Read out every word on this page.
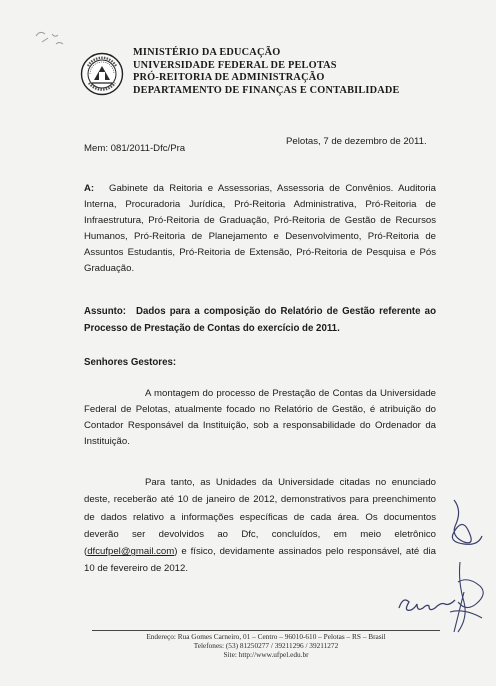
MINISTÉRIO DA EDUCAÇÃO
UNIVERSIDADE FEDERAL DE PELOTAS
PRÓ-REITORIA DE ADMINISTRAÇÃO
DEPARTAMENTO DE FINANÇAS E CONTABILIDADE
Mem: 081/2011-Dfc/Pra
Pelotas, 7 de dezembro de 2011.
A: Gabinete da Reitoria e Assessorias, Assessoria de Convênios. Auditoria Interna, Procuradoria Jurídica, Pró-Reitoria Administrativa, Pró-Reitoria de Infraestrutura, Pró-Reitoria de Graduação, Pró-Reitoria de Gestão de Recursos Humanos, Pró-Reitoria de Planejamento e Desenvolvimento, Pró-Reitoria de Assuntos Estudantis, Pró-Reitoria de Extensão, Pró-Reitoria de Pesquisa e Pós Graduação.
Assunto: Dados para a composição do Relatório de Gestão referente ao Processo de Prestação de Contas do exercício de 2011.
Senhores Gestores:
A montagem do processo de Prestação de Contas da Universidade Federal de Pelotas, atualmente focado no Relatório de Gestão, é atribuição do Contador Responsável da Instituição, sob a responsabilidade do Ordenador da Instituição.
Para tanto, as Unidades da Universidade citadas no enunciado deste, receberão até 10 de janeiro de 2012, demonstrativos para preenchimento de dados relativo a informações específicas de cada área. Os documentos deverão ser devolvidos ao Dfc, concluídos, em meio eletrônico (dfcufpel@gmail.com) e físico, devidamente assinados pelo responsável, até dia 10 de fevereiro de 2012.
Endereço: Rua Gomes Carneiro, 01 – Centro – 96010-610 – Pelotas – RS – Brasil
Telefones: (53) 81250277 / 39211296 / 39211272
Site: http://www.ufpel.edu.br
